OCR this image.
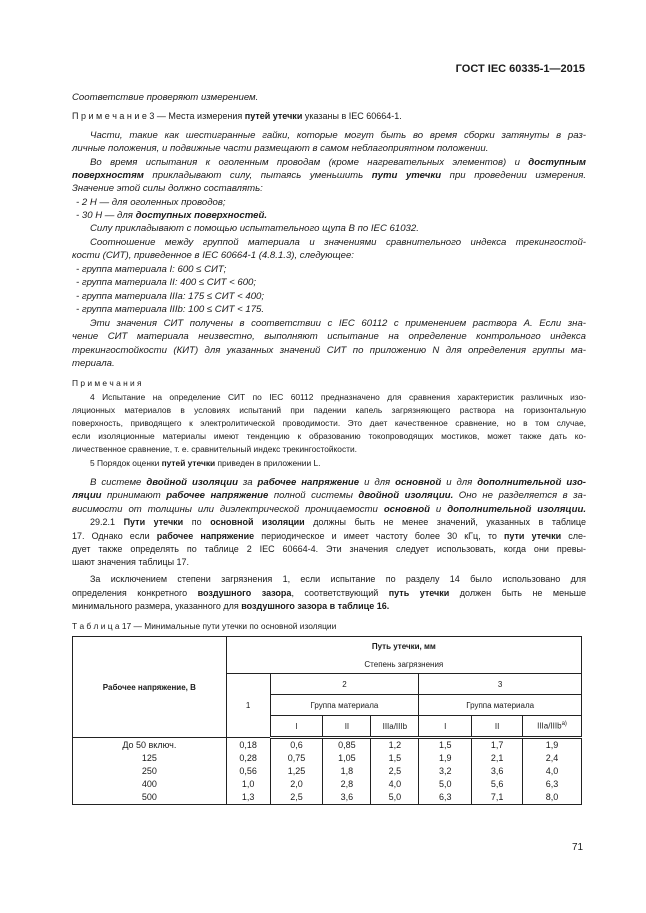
ГОСТ IEC 60335-1—2015
Соответствие проверяют измерением.
П р и м е ч а н и е 3 — Места измерения путей утечки указаны в IEC 60664-1.
Части, такие как шестигранные гайки, которые могут быть во время сборки затянуты в раз-
личные положения, и подвижные части размещают в самом неблагоприятном положении.
Во время испытания к оголенным проводам (кроме нагревательных элементов) и доступным
поверхностям прикладывают силу, пытаясь уменьшить пути утечки при проведении измерения.
Значение этой силы должно составлять:
- 2 Н — для оголенных проводов;
- 30 Н — для доступных поверхностей.
Силу прикладывают с помощью испытательного щупа В по IEC 61032.
Соотношение между группой материала и значениями сравнительного индекса трекингостой-
кости (СИТ), приведенное в IEC 60664-1 (4.8.1.3), следующее:
- группа материала I: 600 ≤ СИТ;
- группа материала II: 400 ≤ СИТ < 600;
- группа материала IIIa: 175 ≤ СИТ < 400;
- группа материала IIIb: 100 ≤ СИТ < 175.
Эти значения СИТ получены в соответствии с IEC 60112 с применением раствора А. Если зна-
чение СИТ материала неизвестно, выполняют испытание на определение контрольного индекса
трекингостойкости (КИТ) для указанных значений СИТ по приложению N для определения группы ма-
териала.
П р и м е ч а н и я
4 Испытание на определение СИТ по IEC 60112 предназначено для сравнения характеристик различных изо-
ляционных материалов в условиях испытаний при падении капель загрязняющего раствора на горизонтальную
поверхность, приводящего к электролитической проводимости. Это дает качественное сравнение, но в том случае,
если изоляционные материалы имеют тенденцию к образованию токопроводящих мостиков, может также дать ко-
личественное сравнение, т. е. сравнительный индекс трекингостойкости.
5 Порядок оценки путей утечки приведен в приложении L.
В системе двойной изоляции за рабочее напряжение и для основной и для дополнительной изо-
ляции принимают рабочее напряжение полной системы двойной изоляции. Оно не разделяется в за-
висимости от толщины или диэлектрической проницаемости основной и дополнительной изоляции.
29.2.1 Пути утечки по основной изоляции должны быть не менее значений, указанных в таблице
17. Однако если рабочее напряжение периодическое и имеет частоту более 30 кГц, то пути утечки сле-
дует также определять по таблице 2 IEC 60664-4. Эти значения следует использовать, когда они превы-
шают значения таблицы 17.
За исключением степени загрязнения 1, если испытание по разделу 14 было использовано для
определения конкретного воздушного зазора, соответствующий путь утечки должен быть не меньше
минимального размера, указанного для воздушного зазора в таблице 16.
Т а б л и ц а 17 — Минимальные пути утечки по основной изоляции
Рабочее напряжение, В	Путь утечки, мм						
	Степень загрязнения						
	1	2			3		
		Группа материала			Группа материала		
		I	II	IIIa/IIIb	I	II	IIIa/IIIb$^{a)}$
До 50 включ.	0,18	0,6	0,85	1,2	1,5	1,7	1,9
125	0,28	0,75	1,05	1,5	1,9	2,1	2,4
250	0,56	1,25	1,8	2,5	3,2	3,6	4,0
400	1,0	2,0	2,8	4,0	5,0	5,6	6,3
500	1,3	2,5	3,6	5,0	6,3	7,1	8,0
71
